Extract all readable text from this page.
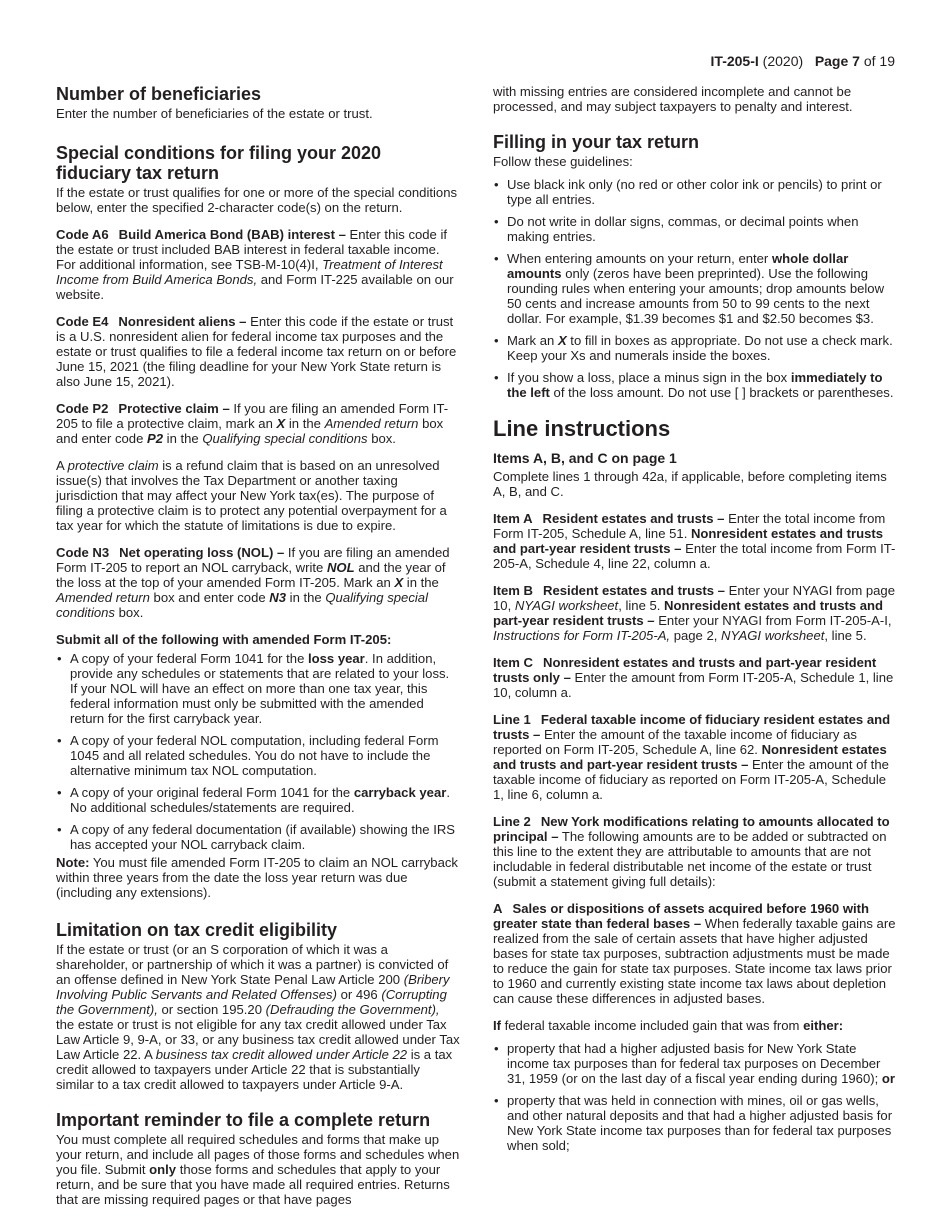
IT-205-I (2020) Page 7 of 19
Number of beneficiaries

Enter the number of beneficiaries of the estate or trust.

Special conditions for filing your 2020 fiduciary tax return

If the estate or trust qualifies for one or more of the special conditions below, enter the specified 2-character code(s) on the return.

Code A6 Build America Bond (BAB) interest – Enter this code if the estate or trust included BAB interest in federal taxable income. For additional information, see TSB-M-10(4)I, Treatment of Interest Income from Build America Bonds, and Form IT-225 available on our website.

Code E4 Nonresident aliens – Enter this code if the estate or trust is a U.S. nonresident alien for federal income tax purposes and the estate or trust qualifies to file a federal income tax return on or before June 15, 2021 (the filing deadline for your New York State return is also June 15, 2021).

Code P2 Protective claim – If you are filing an amended Form IT-205 to file a protective claim, mark an X in the Amended return box and enter code P2 in the Qualifying special conditions box.

A protective claim is a refund claim that is based on an unresolved issue(s) that involves the Tax Department or another taxing jurisdiction that may affect your New York tax(es). The purpose of filing a protective claim is to protect any potential overpayment for a tax year for which the statute of limitations is due to expire.

Code N3 Net operating loss (NOL) – If you are filing an amended Form IT-205 to report an NOL carryback, write NOL and the year of the loss at the top of your amended Form IT-205. Mark an X in the Amended return box and enter code N3 in the Qualifying special conditions box.

Submit all of the following with amended Form IT-205:
• A copy of your federal Form 1041 for the loss year. In addition, provide any schedules or statements that are related to your loss. If your NOL will have an effect on more than one tax year, this federal information must only be submitted with the amended return for the first carryback year.
• A copy of your federal NOL computation, including federal Form 1045 and all related schedules. You do not have to include the alternative minimum tax NOL computation.
• A copy of your original federal Form 1041 for the carryback year. No additional schedules/statements are required.
• A copy of any federal documentation (if available) showing the IRS has accepted your NOL carryback claim.

Note: You must file amended Form IT-205 to claim an NOL carryback within three years from the date the loss year return was due (including any extensions).

Limitation on tax credit eligibility

If the estate or trust (or an S corporation of which it was a shareholder, or partnership of which it was a partner) is convicted of an offense defined in New York State Penal Law Article 200 (Bribery Involving Public Servants and Related Offenses) or 496 (Corrupting the Government), or section 195.20 (Defrauding the Government), the estate or trust is not eligible for any tax credit allowed under Tax Law Article 9, 9-A, or 33, or any business tax credit allowed under Tax Law Article 22. A business tax credit allowed under Article 22 is a tax credit allowed to taxpayers under Article 22 that is substantially similar to a tax credit allowed to taxpayers under Article 9-A.

Important reminder to file a complete return

You must complete all required schedules and forms that make up your return, and include all pages of those forms and schedules when you file. Submit only those forms and schedules that apply to your return, and be sure that you have made all required entries. Returns that are missing required pages or that have pages

with missing entries are considered incomplete and cannot be processed, and may subject taxpayers to penalty and interest.

Filling in your tax return

Follow these guidelines:

• Use black ink only (no red or other color ink or pencils) to print or type all entries.
• Do not write in dollar signs, commas, or decimal points when making entries.
• When entering amounts on your return, enter whole dollar amounts only (zeros have been preprinted). Use the following rounding rules when entering your amounts; drop amounts below 50 cents and increase amounts from 50 to 99 cents to the next dollar. For example, $1.39 becomes $1 and $2.50 becomes $3.
• Mark an X to fill in boxes as appropriate. Do not use a check mark. Keep your Xs and numerals inside the boxes.
• If you show a loss, place a minus sign in the box immediately to the left of the loss amount. Do not use [ ] brackets or parentheses.
Line instructions
Items A, B, and C on page 1

Complete lines 1 through 42a, if applicable, before completing items A, B, and C.

Item A Resident estates and trusts – Enter the total income from Form IT-205, Schedule A, line 51. Nonresident estates and trusts and part-year resident trusts – Enter the total income from Form IT-205-A, Schedule 4, line 22, column a.

Item B Resident estates and trusts – Enter your NYAGI from page 10, NYAGI worksheet, line 5. Nonresident estates and trusts and part-year resident trusts – Enter your NYAGI from Form IT-205-A-I, Instructions for Form IT-205-A, page 2, NYAGI worksheet, line 5.

Item C Nonresident estates and trusts and part-year resident trusts only – Enter the amount from Form IT-205-A, Schedule 1, line 10, column a.

Line 1 Federal taxable income of fiduciary resident estates and trusts – Enter the amount of the taxable income of fiduciary as reported on Form IT-205, Schedule A, line 62. Nonresident estates and trusts and part-year resident trusts – Enter the amount of the taxable income of fiduciary as reported on Form IT-205-A, Schedule 1, line 6, column a.

Line 2 New York modifications relating to amounts allocated to principal – The following amounts are to be added or subtracted on this line to the extent they are attributable to amounts that are not includable in federal distributable net income of the estate or trust (submit a statement giving full details):

A Sales or dispositions of assets acquired before 1960 with greater state than federal bases – When federally taxable gains are realized from the sale of certain assets that have higher adjusted bases for state tax purposes, subtraction adjustments must be made to reduce the gain for state tax purposes. State income tax laws prior to 1960 and currently existing state income tax laws about depletion can cause these differences in adjusted bases.

If federal taxable income included gain that was from either:

• property that had a higher adjusted basis for New York State income tax purposes than for federal tax purposes on December 31, 1959 (or on the last day of a fiscal year ending during 1960); or
• property that was held in connection with mines, oil or gas wells, and other natural deposits and that had a higher adjusted basis for New York State income tax purposes than for federal tax purposes when sold;
